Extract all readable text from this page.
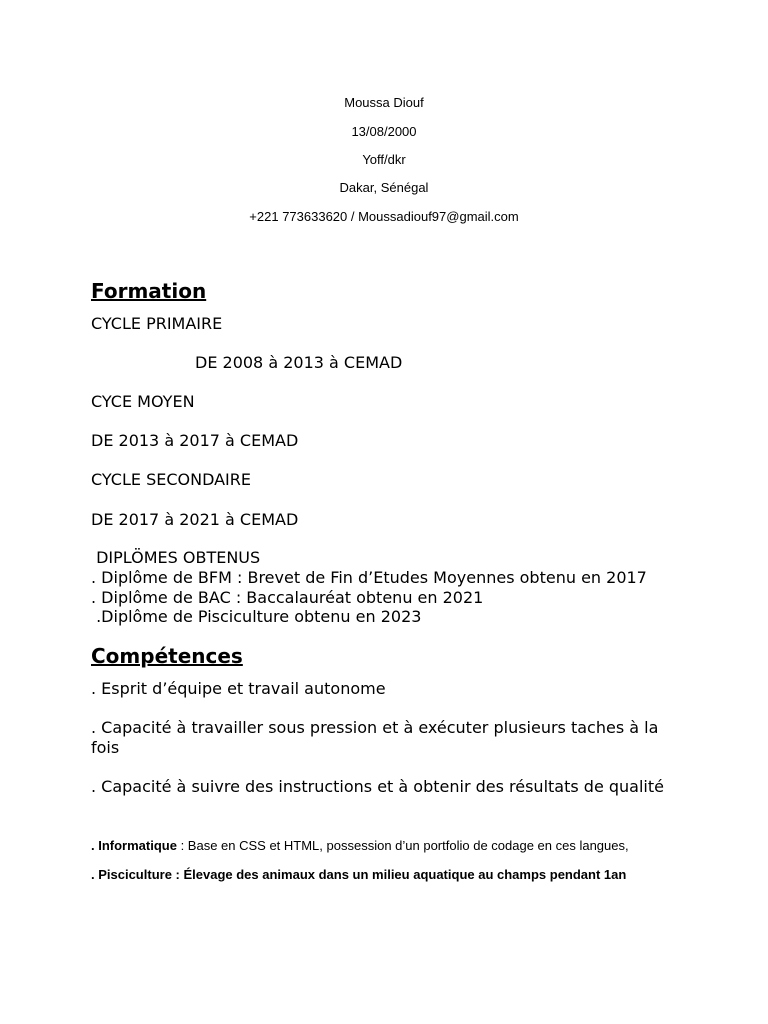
Moussa Diouf
13/08/2000
Yoff/dkr
Dakar, Sénégal
+221 773633620 / Moussadiouf97@gmail.com
Formation
CYCLE PRIMAIRE
DE 2008 à 2013 à CEMAD
CYCE MOYEN
DE 2013 à 2017 à CEMAD
CYCLE SECONDAIRE
DE 2017 à 2021 à CEMAD
DIPLÖMES OBTENUS
. Diplôme de BFM : Brevet de Fin d’Etudes Moyennes obtenu en 2017
. Diplôme de BAC : Baccalauréat obtenu en 2021
.Diplôme de Pisciculture obtenu en 2023
Compétences
. Esprit d’équipe et travail autonome
. Capacité à travailler sous pression et à exécuter plusieurs taches à la fois
. Capacité à suivre des instructions et à obtenir des résultats de qualité
. Informatique : Base en CSS et HTML, possession d’un portfolio de codage en ces langues,
. Pisciculture : Élevage des animaux dans un milieu aquatique au champs pendant 1an
